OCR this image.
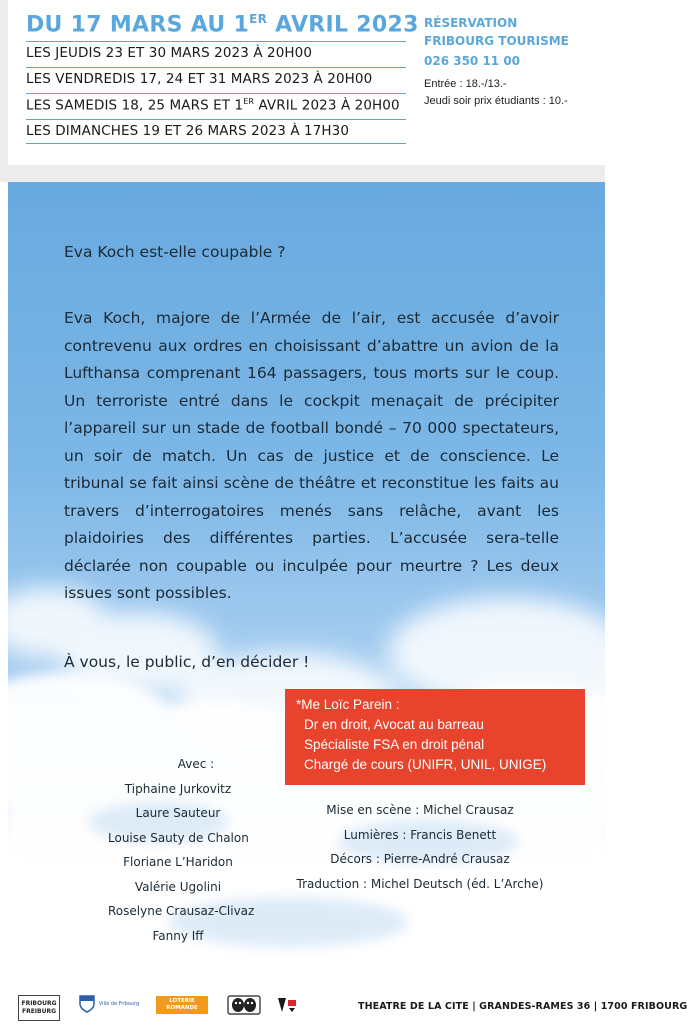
DU 17 MARS AU 1ER AVRIL 2023
LES JEUDIS 23 ET 30 MARS 2023 À 20H00
LES VENDREDIS 17, 24 ET 31 MARS 2023 À 20H00
LES SAMEDIS 18, 25 MARS ET 1ER AVRIL 2023 À 20H00
LES DIMANCHES 19 ET 26 MARS 2023 À 17H30
RÉSERVATION
FRIBOURG TOURISME
026 350 11 00
Entrée : 18.-/13.-
Jeudi soir prix étudiants : 10.-
Eva Koch est-elle coupable ?
Eva Koch, majore de l’Armée de l’air, est accusée d’avoir contrevenu aux ordres en choisissant d’abattre un avion de la Lufthansa comprenant 164 passagers, tous morts sur le coup. Un terroriste entré dans le cockpit menaçait de précipiter l’appareil sur un stade de football bondé – 70 000 spectateurs, un soir de match. Un cas de justice et de conscience. Le tribunal se fait ainsi scène de théâtre et reconstitue les faits au travers d’interrogatoires menés sans relâche, avant les plaidoiries des différentes parties. L’accusée sera-telle déclarée non coupable ou inculpée pour meurtre ? Les deux issues sont possibles.
À vous, le public, d’en décider !
*Me Loïc Parein :
Dr en droit, Avocat au barreau
Spécialiste FSA en droit pénal
Chargé de cours (UNIFR, UNIL, UNIGE)
Avec :
Tiphaine Jurkovitz
Laure Sauteur
Louise Sauty de Chalon
Floriane L’Haridon
Valérie Ugolini
Roselyne Crausaz-Clivaz
Fanny Iff
Mise en scène : Michel Crausaz
Lumières : Francis Benett
Décors : Pierre-André Crausaz
Traduction : Michel Deutsch (éd. L’Arche)
FRIBOURG FREIBURG
Ville de Fribourg	LOTERIE ROMANDE	THEATRE DE LA CITE | GRANDES-RAMES 36 | 1700 FRIBOURG
